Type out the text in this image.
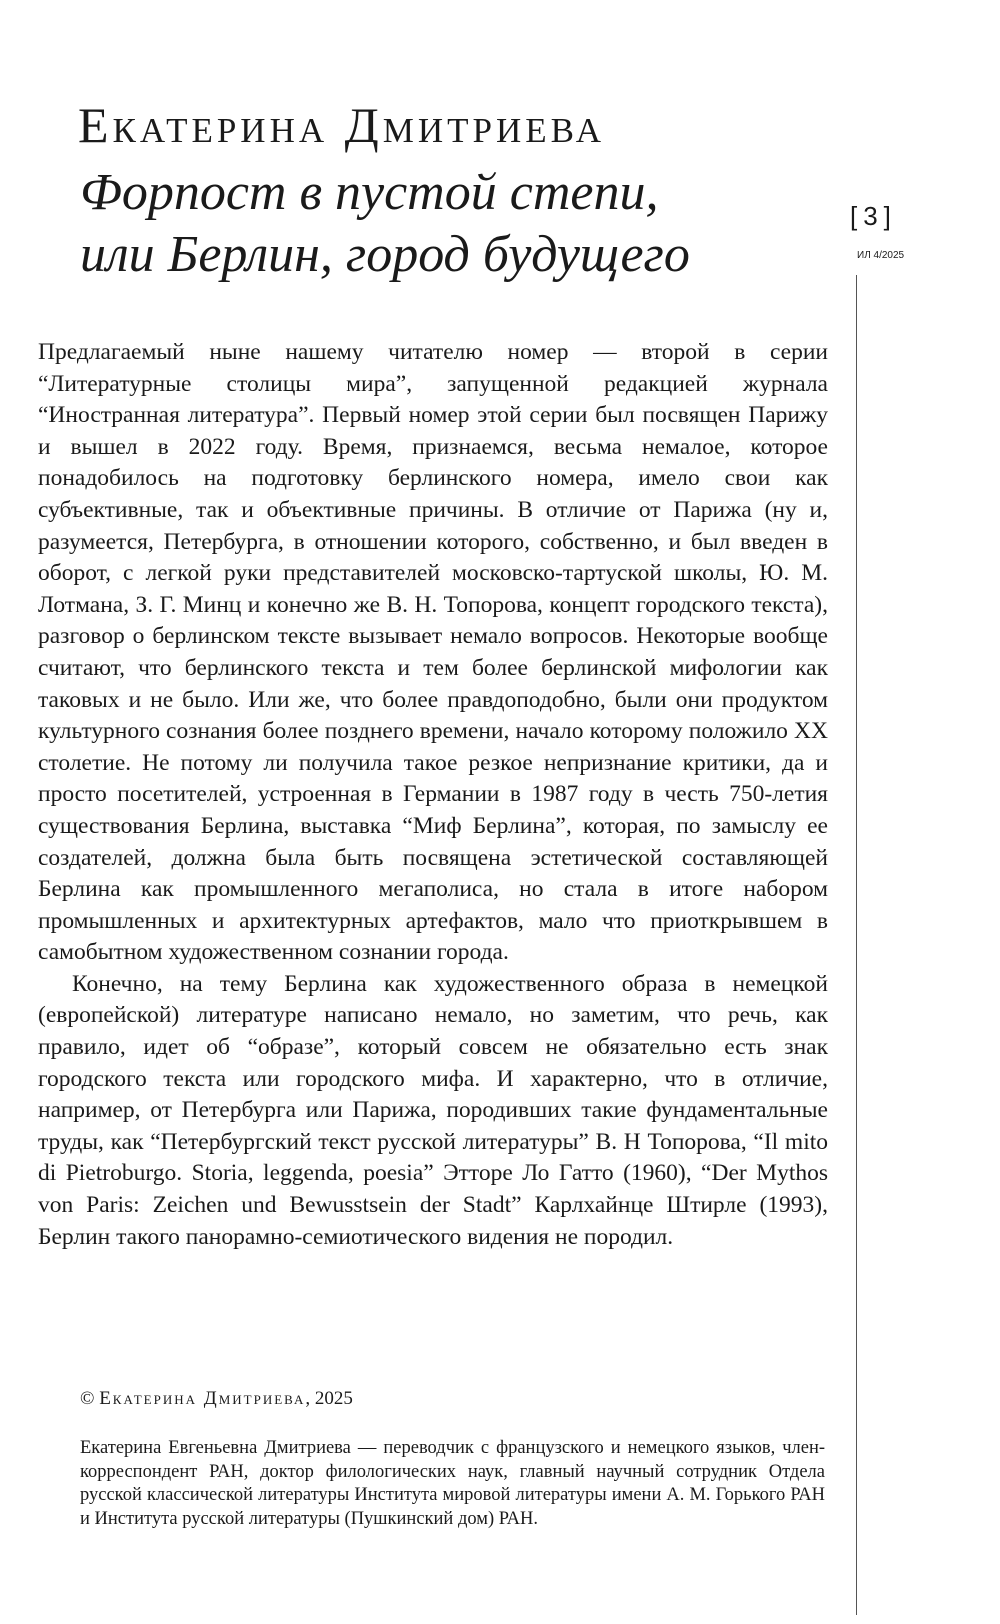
Екатерина Дмитриева
Форпост в пустой степи,
или Берлин, город будущего
[3]
ИЛ 4/2025

Предлагаемый ныне нашему читателю номер — второй в серии “Литературные столицы мира”, запущенной редакцией журнала “Иностранная литература”. Первый номер этой серии был посвящен Парижу и вышел в 2022 году. Время, признаемся, весьма немалое, которое понадобилось на подготовку берлинского номера, имело свои как субъективные, так и объективные причины. В отличие от Парижа (ну и, разумеется, Петербурга, в отношении которого, собственно, и был введен в оборот, с легкой руки представителей московско-тартуской школы, Ю. М. Лотмана, З. Г. Минц и конечно же В. Н. Топорова, концепт городского текста), разговор о берлинском тексте вызывает немало вопросов. Некоторые вообще считают, что берлинского текста и тем более берлинской мифологии как таковых и не было. Или же, что более правдоподобно, были они продуктом культурного сознания более позднего времени, начало которому положило XX столетие. Не потому ли получила такое резкое непризнание критики, да и просто посетителей, устроенная в Германии в 1987 году в честь 750-летия существования Берлина, выставка “Миф Берлина”, которая, по замыслу ее создателей, должна была быть посвящена эстетической составляющей Берлина как промышленного мегаполиса, но стала в итоге набором промышленных и архитектурных артефактов, мало что приоткрывшем в самобытном художественном сознании города.

Конечно, на тему Берлина как художественного образа в немецкой (европейской) литературе написано немало, но заметим, что речь, как правило, идет об “образе”, который совсем не обязательно есть знак городского текста или городского мифа. И характерно, что в отличие, например, от Петербурга или Парижа, породивших такие фундаментальные труды, как “Петербургский текст русской литературы” В. Н Топорова, “Il mito di Pietroburgo. Storia, leggenda, poesia” Этторе Ло Гатто (1960), “Der Mythos von Paris: Zeichen und Bewusstsein der Stadt” Карлхайнце Штирле (1993), Берлин такого панорамно-семиотического видения не породил.

© Екатерина Дмитриева, 2025
Екатерина Евгеньевна Дмитриева — переводчик с французского и немецкого языков, член-корреспондент РАН, доктор филологических наук, главный научный сотрудник Отдела русской классической литературы Института мировой литературы имени А. М. Горького РАН и Института русской литературы (Пушкинский дом) РАН.
